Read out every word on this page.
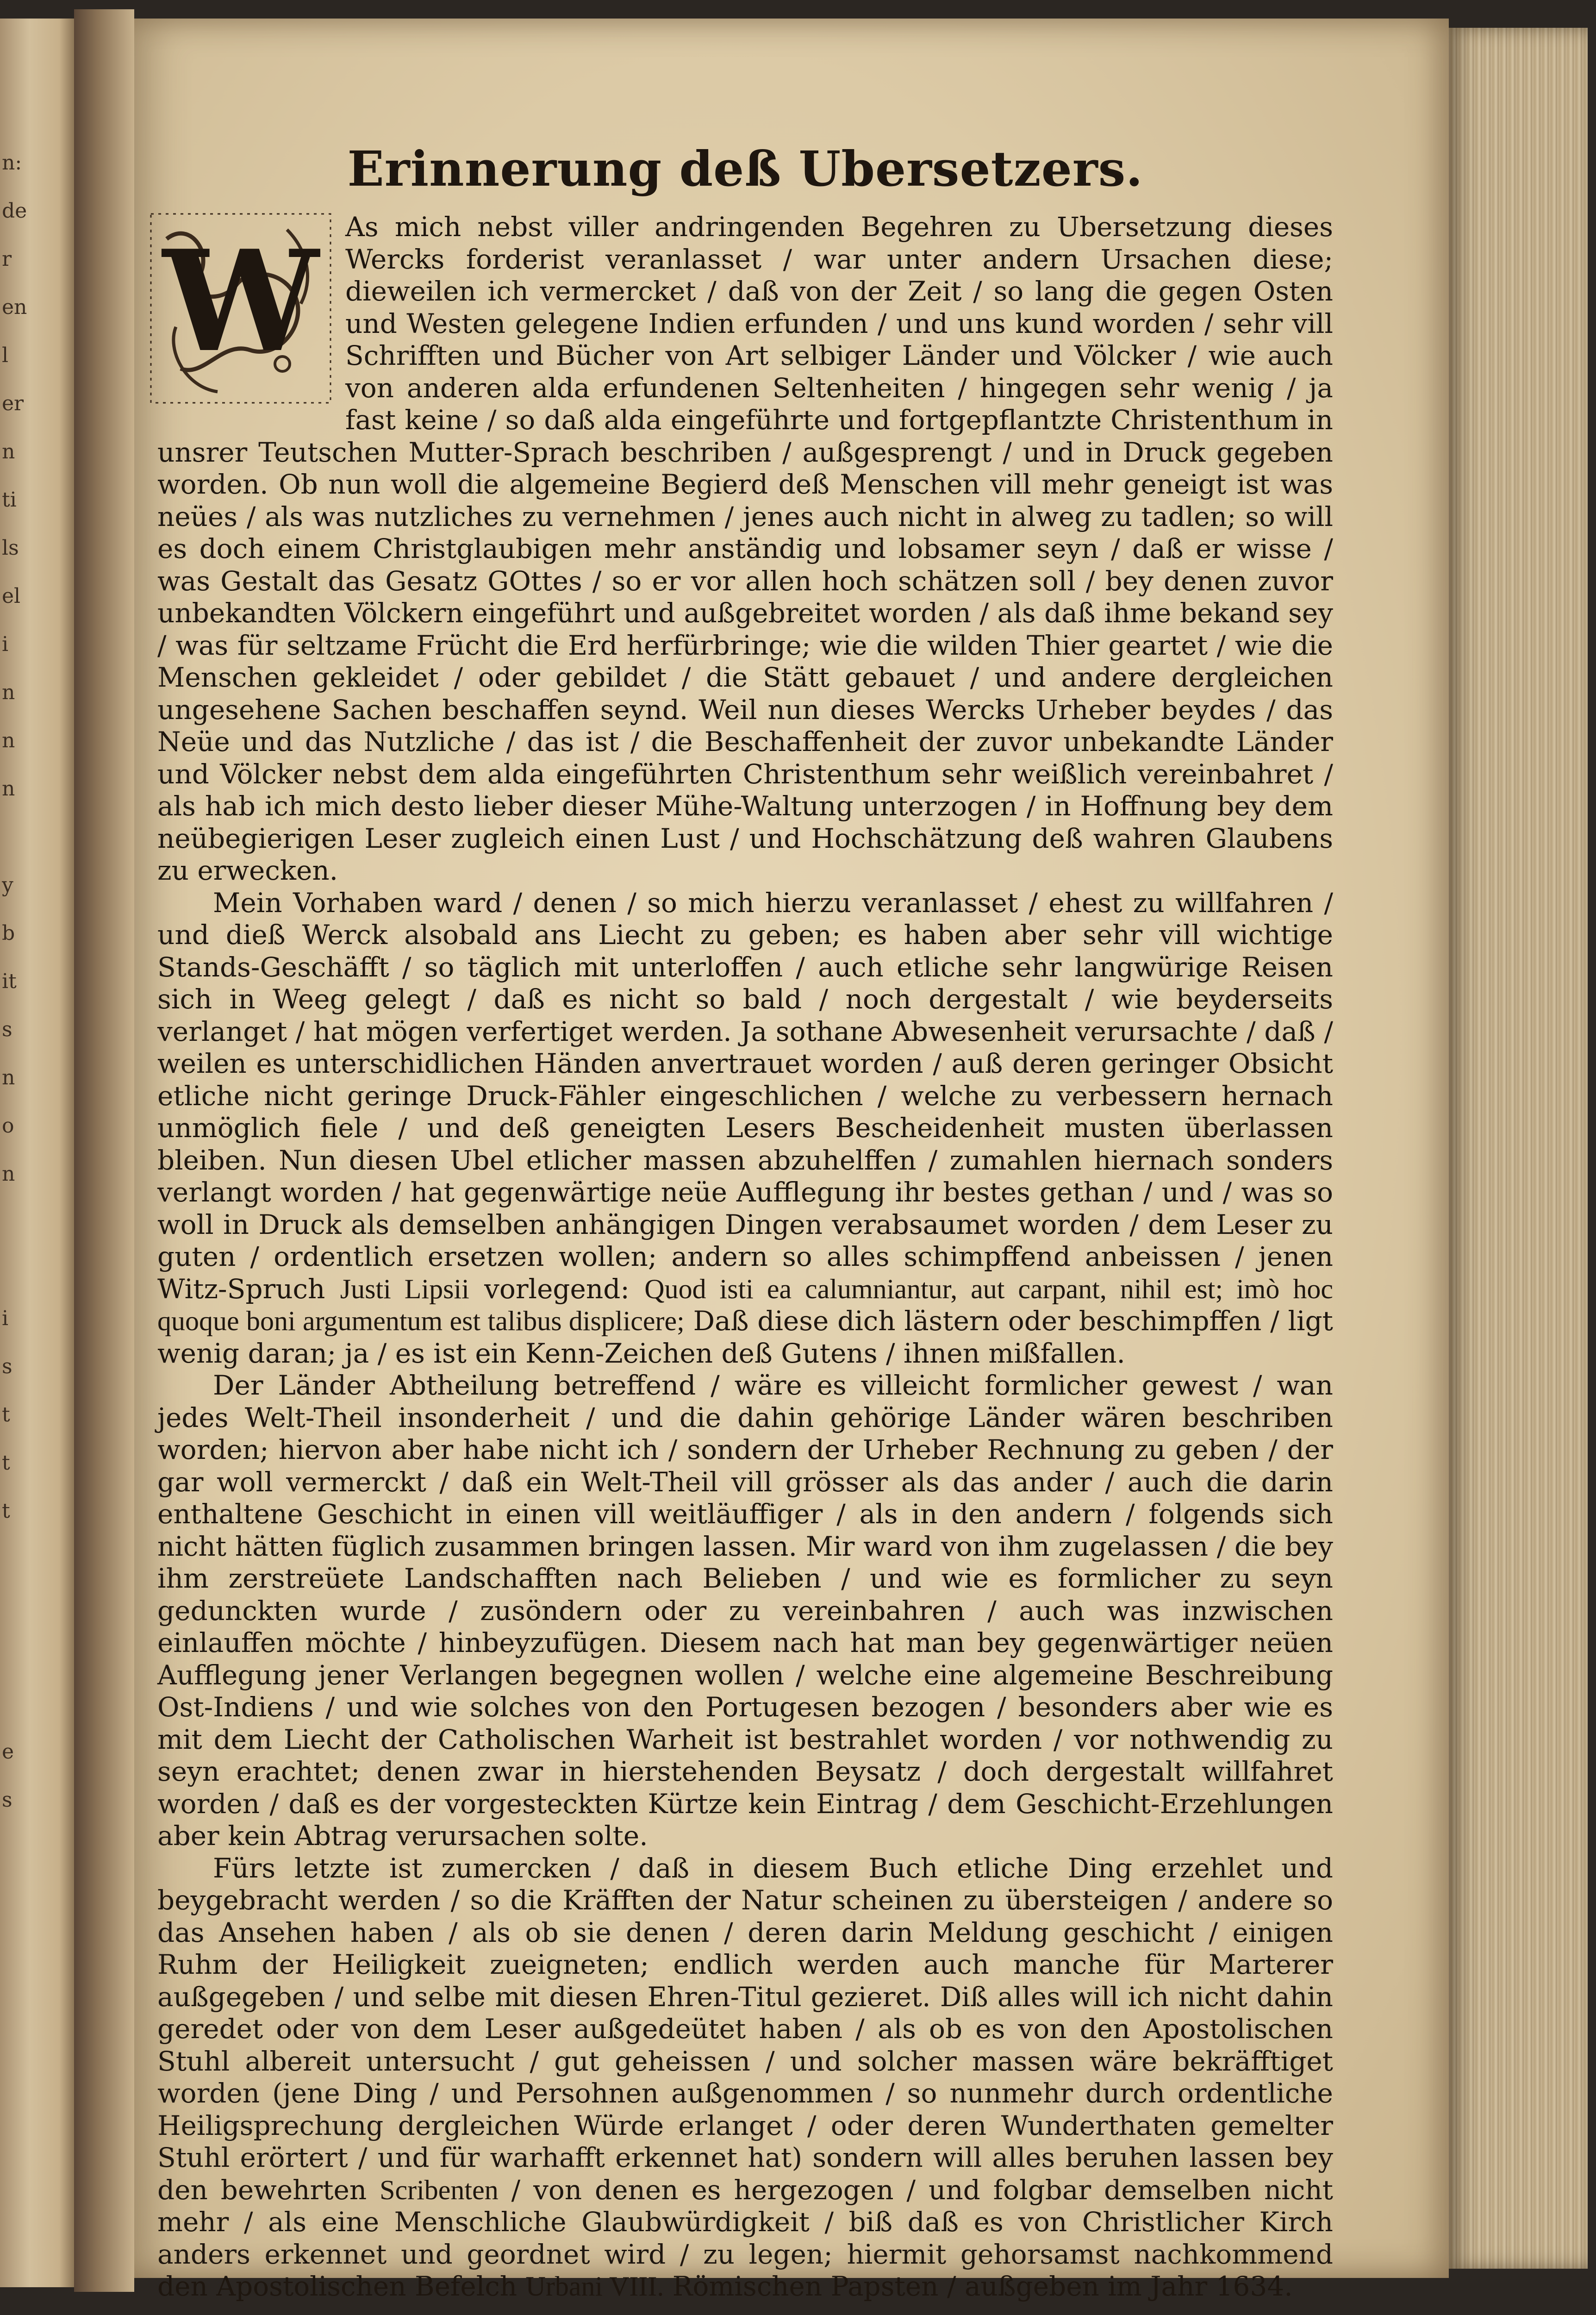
n:
de
r
en
l
er
n
ti
ls
el
i
n
n
n
y
b
it
s
n
o
n
i
s
t
t
t
e
s
Erinnerung deß Ubersetzers.
W As mich nebst viller andringenden Begehren zu Ubersetzung dieses Wercks forderist veranlasset / war unter andern Ursachen diese; dieweilen ich vermercket / daß von der Zeit / so lang die gegen Osten und Westen gelegene Indien erfunden / und uns kund worden / sehr vill Schrifften und Bücher von Art selbiger Länder und Völcker / wie auch von anderen alda erfundenen Seltenheiten / hingegen sehr wenig / ja fast keine / so daß alda eingeführte und fortgepflantzte Christenthum in unsrer Teutschen Mutter-Sprach beschriben / außgesprengt / und in Druck gegeben worden. Ob nun woll die algemeine Begierd deß Menschen vill mehr geneigt ist was neües / als was nutzliches zu vernehmen / jenes auch nicht in alweg zu tadlen; so will es doch einem Christglaubigen mehr anständig und lobsamer seyn / daß er wisse / was Gestalt das Gesatz GOttes / so er vor allen hoch schätzen soll / bey denen zuvor unbekandten Völckern eingeführt und außgebreitet worden / als daß ihme bekand sey / was für seltzame Frücht die Erd herfürbringe; wie die wilden Thier geartet / wie die Menschen gekleidet / oder gebildet / die Stätt gebauet / und andere dergleichen ungesehene Sachen beschaffen seynd. Weil nun dieses Wercks Urheber beydes / das Neüe und das Nutzliche / das ist / die Beschaffenheit der zuvor unbekandte Länder und Völcker nebst dem alda eingeführten Christenthum sehr weißlich vereinbahret / als hab ich mich desto lieber dieser Mühe-Waltung unterzogen / in Hoffnung bey dem neübegierigen Leser zugleich einen Lust / und Hochschätzung deß wahren Glaubens zu erwecken.

Mein Vorhaben ward / denen / so mich hierzu veranlasset / ehest zu willfahren / und dieß Werck alsobald ans Liecht zu geben; es haben aber sehr vill wichtige Stands-Geschäfft / so täglich mit unterloffen / auch etliche sehr langwürige Reisen sich in Weeg gelegt / daß es nicht so bald / noch dergestalt / wie beyderseits verlanget / hat mögen verfertiget werden. Ja sothane Abwesenheit verursachte / daß / weilen es unterschidlichen Händen anvertrauet worden / auß deren geringer Obsicht etliche nicht geringe Druck-Fähler eingeschlichen / welche zu verbessern hernach unmöglich fiele / und deß geneigten Lesers Bescheidenheit musten überlassen bleiben. Nun diesen Ubel etlicher massen abzuhelffen / zumahlen hiernach sonders verlangt worden / hat gegenwärtige neüe Aufflegung ihr bestes gethan / und / was so woll in Druck als demselben anhängigen Dingen verabsaumet worden / dem Leser zu guten / ordentlich ersetzen wollen; andern so alles schimpffend anbeissen / jenen Witz-Spruch Justi Lipsii vorlegend: Quod isti ea calumniantur, aut carpant, nihil est; imò hoc quoque boni argumentum est talibus displicere; Daß diese dich lästern oder beschimpffen / ligt wenig daran; ja / es ist ein Kenn-Zeichen deß Gutens / ihnen mißfallen.

Der Länder Abtheilung betreffend / wäre es villeicht formlicher gewest / wan jedes Welt-Theil insonderheit / und die dahin gehörige Länder wären beschriben worden; hiervon aber habe nicht ich / sondern der Urheber Rechnung zu geben / der gar woll vermerckt / daß ein Welt-Theil vill grösser als das ander / auch die darin enthaltene Geschicht in einen vill weitläuffiger / als in den andern / folgends sich nicht hätten füglich zusammen bringen lassen. Mir ward von ihm zugelassen / die bey ihm zerstreüete Landschafften nach Belieben / und wie es formlicher zu seyn gedunckten wurde / zusöndern oder zu vereinbahren / auch was inzwischen einlauffen möchte / hinbeyzufügen. Diesem nach hat man bey gegenwärtiger neüen Aufflegung jener Verlangen begegnen wollen / welche eine algemeine Beschreibung Ost-Indiens / und wie solches von den Portugesen bezogen / besonders aber wie es mit dem Liecht der Catholischen Warheit ist bestrahlet worden / vor nothwendig zu seyn erachtet; denen zwar in hierstehenden Beysatz / doch dergestalt willfahret worden / daß es der vorgesteckten Kürtze kein Eintrag / dem Geschicht-Erzehlungen aber kein Abtrag verursachen solte.

Fürs letzte ist zumercken / daß in diesem Buch etliche Ding erzehlet und beygebracht werden / so die Kräfften der Natur scheinen zu übersteigen / andere so das Ansehen haben / als ob sie denen / deren darin Meldung geschicht / einigen Ruhm der Heiligkeit zueigneten; endlich werden auch manche für Marterer außgegeben / und selbe mit diesen Ehren-Titul gezieret. Diß alles will ich nicht dahin geredet oder von dem Leser außgedeütet haben / als ob es von den Apostolischen Stuhl albereit untersucht / gut geheissen / und solcher massen wäre bekräfftiget worden (jene Ding / und Persohnen außgenommen / so nunmehr durch ordentliche Heiligsprechung dergleichen Würde erlanget / oder deren Wunderthaten gemelter Stuhl erörtert / und für warhafft erkennet hat) sondern will alles beruhen lassen bey den bewehrten Scribenten / von denen es hergezogen / und folgbar demselben nicht mehr / als eine Menschliche Glaubwürdigkeit / biß daß es von Christlicher Kirch anders erkennet und geordnet wird / zu legen; hiermit gehorsamst nachkommend den Apostolischen Befelch Urbani VIII. Römischen Papsten / außgeben im Jahr 1634.
